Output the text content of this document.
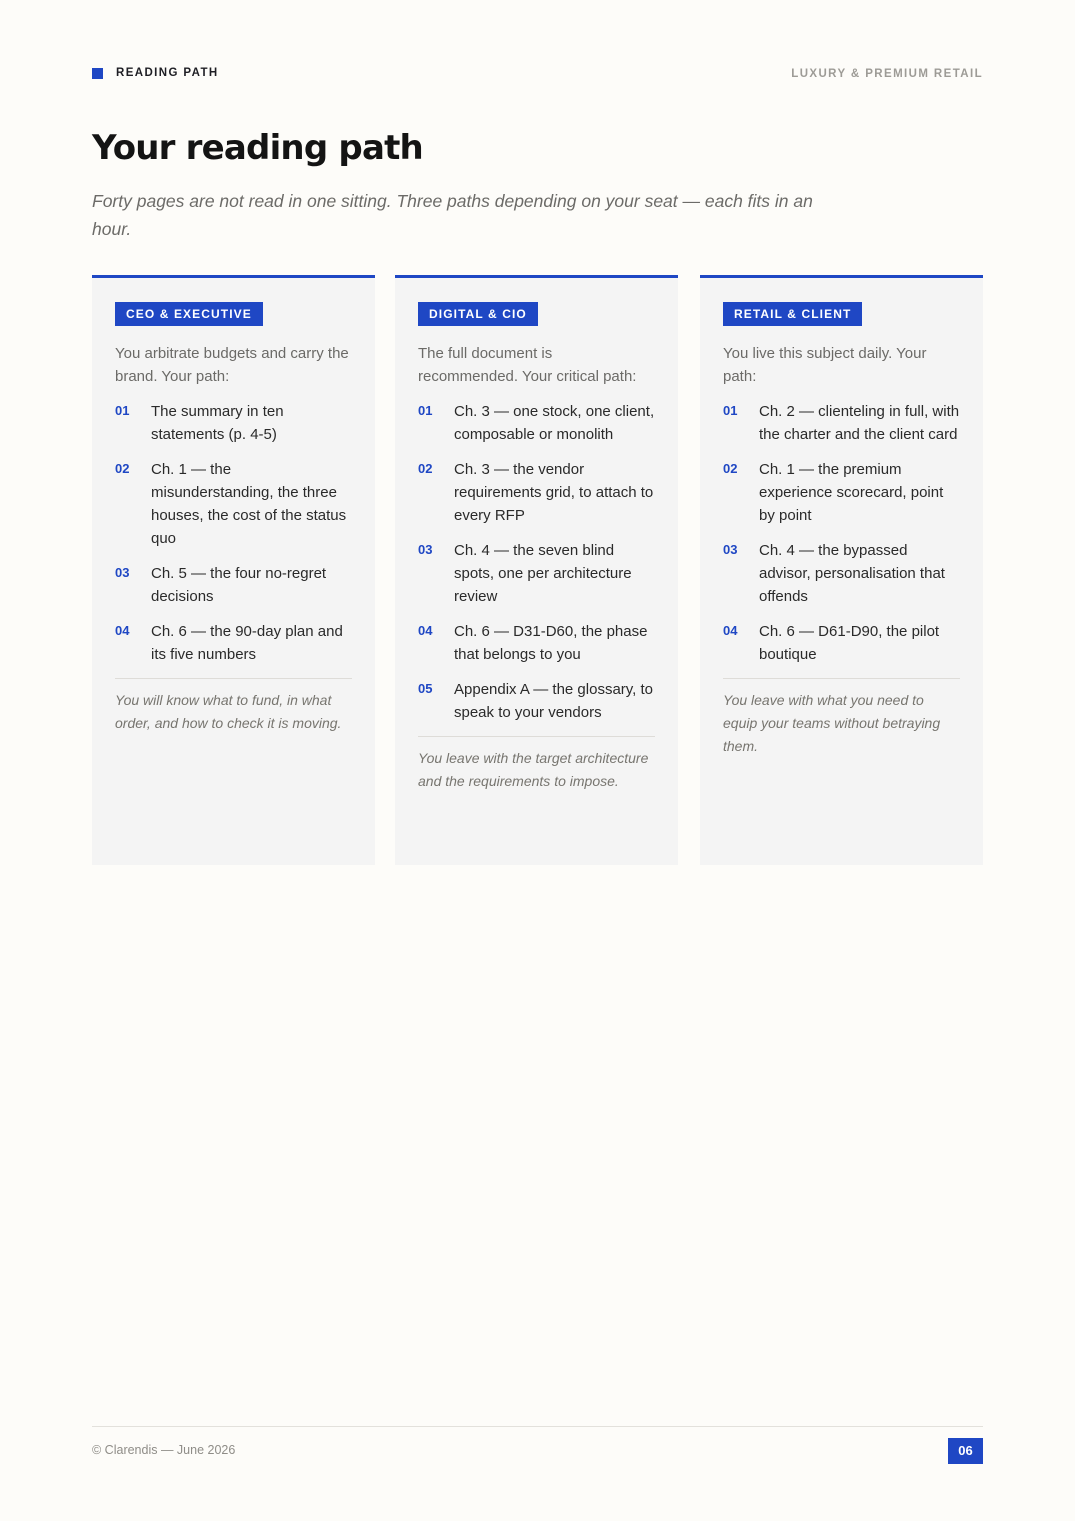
READING PATH	LUXURY & PREMIUM RETAIL
Your reading path

Forty pages are not read in one sitting. Three paths depending on your seat — each fits in an hour.

CEO & EXECUTIVE

You arbitrate budgets and carry the brand. Your path:

01	The summary in ten statements (p. 4-5)
02	Ch. 1 — the misunderstanding, the three houses, the cost of the status quo
03	Ch. 5 — the four no-regret decisions
04	Ch. 6 — the 90-day plan and its five numbers

You will know what to fund, in what order, and how to check it is moving.

DIGITAL & CIO

The full document is recommended. Your critical path:

01	Ch. 3 — one stock, one client, composable or monolith
02	Ch. 3 — the vendor requirements grid, to attach to every RFP
03	Ch. 4 — the seven blind spots, one per architecture review
04	Ch. 6 — D31-D60, the phase that belongs to you
05	Appendix A — the glossary, to speak to your vendors

You leave with the target architecture and the requirements to impose.

RETAIL & CLIENT

You live this subject daily. Your path:

01	Ch. 2 — clienteling in full, with the charter and the client card
02	Ch. 1 — the premium experience scorecard, point by point
03	Ch. 4 — the bypassed advisor, personalisation that offends
04	Ch. 6 — D61-D90, the pilot boutique

You leave with what you need to equip your teams without betraying them.

© Clarendis — June 2026	06
